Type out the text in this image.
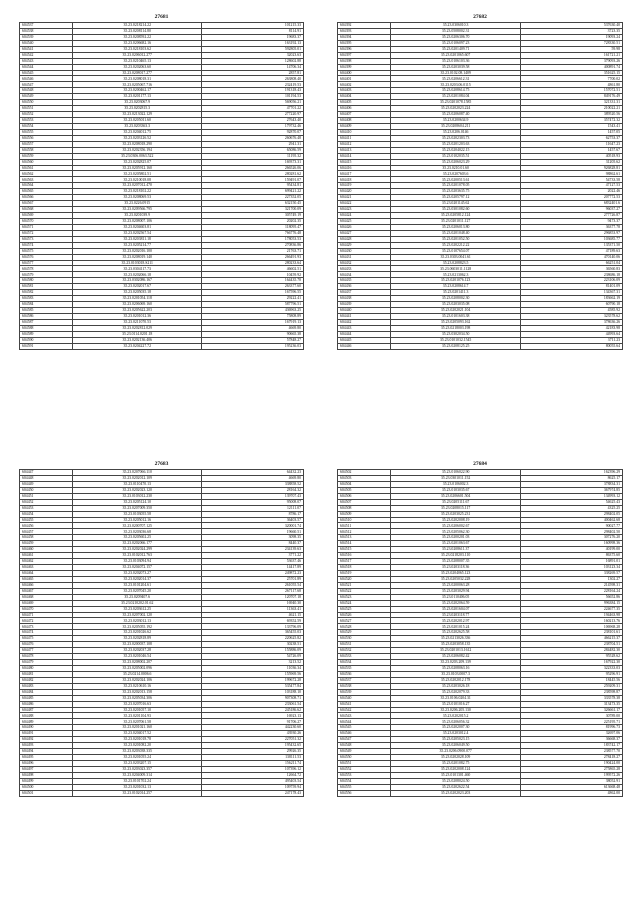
27681
604537	35.23.0218214.22	101215.33
604538	35.23.0208114.80	8114.91
604539	35.23.0208592.22	19683.37
604540	35.23.0206682.16	163192.13
604541	35.23.0218103.62	592805.01
604542	35.23.0206012.277	32023.63
604543	35.23.0210465.13	128602.88
604544	35.23.0202063.60	14706.34
604545	35.23.0208017.277	2857.81
604546	35.23.0208018.31	263808.40
604547	35.23.0205067.716	232419.53
604548	35.23.0200462.17	191318.43
604549	35.23.0201177.13	101194.53
604550	35.23.0203067.9	569056.21
604551	35.23.0202815.3	47701.22
604552	35.23.0213022.129	277220.97
604553	35.23.0205011.60	27643.40
604554	35.23.0203363.3	179732.46
604555	35.23.0204012.75	92870.07
604556	35.23.0203126.52	260676.48
604557	35.23.0208018.290	2941.31
604558	35.23.0202356.194	65086.59
604559	35.23.0306.0063.522	11195.32
604560	35.23.0202825.07	169373.31
604561	35.23.0205912.160	266526.06
604562	35.23.0205802.51	280281.62
604563	35.23.0210018.08	159491.07
604564	35.23.0207012.470	95434.81
604565	35.23.0218102.22	699421.22
604566	35.23.0208069.53	227352.05
604567	35.23.0226.0915	632150.45
604568	35.23.0209566.795	321700.09
604569	35.23.0201039.9	305749.19
604570	35.23.0208007.106	20202.35
604571	35.23.0204603.81	118095.47
604572	35.23.0202567.54	766776.48
604573	35.23.0203811.18	178053.53
604574	35.23.0205214.77	270836.86
604575	35.23.0202016.100	21763.71
604576	35.23.0208019.140	266491.93
604577	35.23.0103018.S211	280233.64
604578	35.23.0304117.73	46602.51
604579	35.23.0202066.18	10459.92
604580	35.23.0302086.167	164435.78
604581	35.23.0202017.67	263377.60
604582	35.23.0205035.18	167596.55
604583	35.23.0201054.118	29222.41
604584	35.23.0206069.160	587796.51
604585	35.23.0205622.203	436963.25
604586	35.23.0201012.36	75808.89
604587	35.23.0211070.53	167919.13
604588	35.23.0202812.029	4669.80
604589	35.23.0114.0201.18	90665.38
604590	35.23.0202136.406	57848.27
604591	35.23.0204227.72	195236.03
27682
604392	35.23.0306010.3	537630.40
604393	35.23.0508002.31	3723.35
604394	35.23.0206306.70	19093.24
604395	35.23.0106097.23	728330.51
604396	35.23.0201409.71	59.98
604397	35.23.0201065.607	161721.21
604398	35.23.0106103.36	379093.26
604399	35.23.0203039.58	400891.74
604400	35.23.0102.08.1409	351625.15
604401	35.23.0206612.31	7700.02
604402	35.23.0203.06.0115	4861.80
604403	35.23.0208614.75	157072.51
604404	35.23.0201084.04	849176.49
604405	35.23.0201078.1585	321331.31
604406	35.23.0202023.224	210022.21
604407	35.23.0206087.40	389520.56
604408	35.23.0200634.9	357472.32
604409	35.23.0208604.211	1543.41
604410	35.23.0206.0146	1457.05
604411	35.23.0202303.73	62753.37
604412	35.23.0201203.63	11647.23
604413	35.23.0204022.15	1457.67
604414	35.23.0102035.51	40518.93
604415	35.23.0206023.29	31205.62
604416	35.23.0210.01.60	926828.81
604417	35.23.0207603.6	98862.61
604418	35.23.0200513.61	54733.58
604419	35.23.0201078.05	47127.53
604420	35.23.0203635.75	2022.46
604421	35.23.0205797.12	207772.53
604422	35.23.0201145.62	6832401.6
604423	35.23.0301082.60	96037.27
604424	35.23.0205812.124	277726.87
604425	35.23.0201011.127	9473.37
604426	35.23.0206013.80	36377.78
604427	35.23.0201048.40	296853.97
604428	35.23.0201052.50	103685.77
604429	35.23.0202212.22	135371.50
604430	35.23.0107654.07	47189.63
604431	35.23.0303.0041.61	470140.06
604432	35.23.0208823.5	66251.04
604433	35.23.0603011.1128	36560.83
604434	35.23.0213062.3	238686.18
604435	35.23.0201076.123	223106.09
604436	35.23.0208614.7	81401.09
604437	35.23.0201411.3	134367.31
604438	35.23.0208002.30	183662.19
604439	35.23.0203035.08	60790.18
604440	35.23.0202021.104	4585.92
604441	35.23.0101603.38	323578.62
604442	35.23.0205093.162	378636.26
604443	35.23.0218003.198	42183.98
604444	35.23.0302034.50	44993.64
604445	35.23.0101032.1545	3711.23
604446	35.23.0208125.25	80055.64
27683
604447	35.23.0207066.110	64432.23
604448	35.23.0202012.109	4669.80
604449	35.23.0110470.13	338858.52
604450	35.23.0202023.120	28164.32
604451	35.23.0103012.230	139707.43
604452	35.23.0205124.10	95008.07
604453	35.23.0207009.350	12111.07
604454	35.23.0103055.58	8786.17
604455	35.23.0205012.16	36403.57
604456	35.23.0200707.125	320001.74
604457	35.23.0203036.68	19660.51
604458	35.23.0205602.25	3098.35
604459	35.23.0202066.177	8440.37
604460	35.23.0202024.299	234139.63
604461	35.23.0102012.763	3771.22
604462	35.23.0103094.94	53637.46
604463	35.23.0204072.157	14417.89
604464	35.23.0202073.27	249872.23
604465	35.23.0202014.37	25701.89
604466	35.23.0101204.61	261055.54
604467	35.23.0207045.20	267117.68
604468	35.23.0209407.6	120707.18
604469	35.23.0210202.01.62	16940.30
604470	35.23.0203612.25	11363.41
604471	35.23.0207002.120	4621.15
604472	35.23.0203012.13	69352.59
604473	35.23.0205055.192	133796.09
604474	35.23.0201026.62	365455.03
604475	35.23.0202818.89	220625.82
604476	35.23.0200037.108	30238.51
604477	35.23.0202037.28	155886.09
604478	35.23.0201046.54	54726.09
604479	35.23.0208002.207	3213.52
604480	35.23.0205002.096	11036.34
604481	35.23.0214.0006.6	155969.56
604482	35.23.0202024.106	199672.28
604483	35.23.0210610.16	535477.84
604484	35.23.0202013.158	103188.10
604485	35.23.0205034.306	907308.71
604486	35.23.0207016.63	233061.54
604487	35.23.0201057.10	245186.62
604488	35.23.0201104.93	16923.13
604489	35.23.0207061.58	91706.27
604490	35.23.0201021.160	442230.60
604491	35.23.0204017.52	43930.26
604492	35.23.0201018.78	227051.32
604493	35.23.0201082.20	195432.65
604494	35.23.0203038.335	29926.35
604495	35.23.0201055.24	138111.53
604496	35.23.0203207.15	156211.74
604497	35.23.0203023.357	107396.12
604498	35.23.0204009.314	12664.72
604499	35.23.0101702.24	495403.54
604500	35.23.0201032.13	109759.94
604501	35.23.0102014.257	247178.43
27684
604502	35.23.0106022.90	162396.29
604503	35.23.0301011.152	8625.17
604504	35.23.0106002.3	378834.31
604505	35.23.0103035.67	367974.85
604506	35.23.0206601.504	134993.12
604507	35.23.0205111.67	54625.43
604508	35.23.0208015.117	4325.25
604509	35.23.0203025.231	298402.05
604510	35.23.0202008.19	400462.68
604511	35.23.0206002.67	90027.77
604512	35.23.0205062.30	298402.50
604513	35.23.0200201.03	307276.20
604514	35.23.0201063.67	160998.36
604515	35.23.0208611.37	40199.00
604516	35.23.0218203.110	86375.60
604517	35.23.0208007.35	16891.01
604518	35.23.0203118.36	103123.34
604519	35.23.0204065.123	338269.57
604520	35.23.0205032.228	1302.27
604521	35.23.0200063.28	214598.31
604522	35.23.0203029.94	228164.24
604523	35.23.0110406.05	56652.86
604524	35.23.0202064.59	996384.15
604525	35.23.0201604.07	224677.35
604526	35.23.0203118.77	194463.98
604527	35.23.0202012.97	160213.76
604528	35.23.0201015.24	106968.28
604529	35.23.0202625.58	238101.61
604530	35.23.0213026.336	466215.37
604531	35.23.0203058.135	238704.51
604532	35.23.0201013.1612	284482.30
604533	35.23.0206082.42	95528.62
604534	35.23.0203.209.139	167922.30
604535	35.23.0208063.16	322333.03
604536	35.23.0103.0007.3	95296.91
604537	35.23.0202012.178	18445.56
604538	35.23.0203026.18	259209.31
604539	35.23.0202079.33	238598.87
604540	35.23.0106.0204.31	333578.38
604541	35.23.0101016.27	313473.35
604542	35.23.0206.205.130	326661.17
604543	35.23.0202015.2	30789.00
604544	35.23.0206056.32	225195.71
604545	35.23.0202007.30	81996.73
604546	35.23.0203012.4	32697.06
604547	35.23.0205023.15	36668.37
604548	35.23.0206049.50	183742.17
604549	35.23.0206.0900.077	238577.70
604550	35.23.0202028.109	278418.27
604551	35.23.0201082.75	190424.00
604552	35.23.0202008.124	275865.28
604553	35.23.0101301.460	199572.26
604554	35.23.0208024.50	38052.91
604555	35.23.0202622.54	613668.48
604556	35.23.0202023.203	4862.00
